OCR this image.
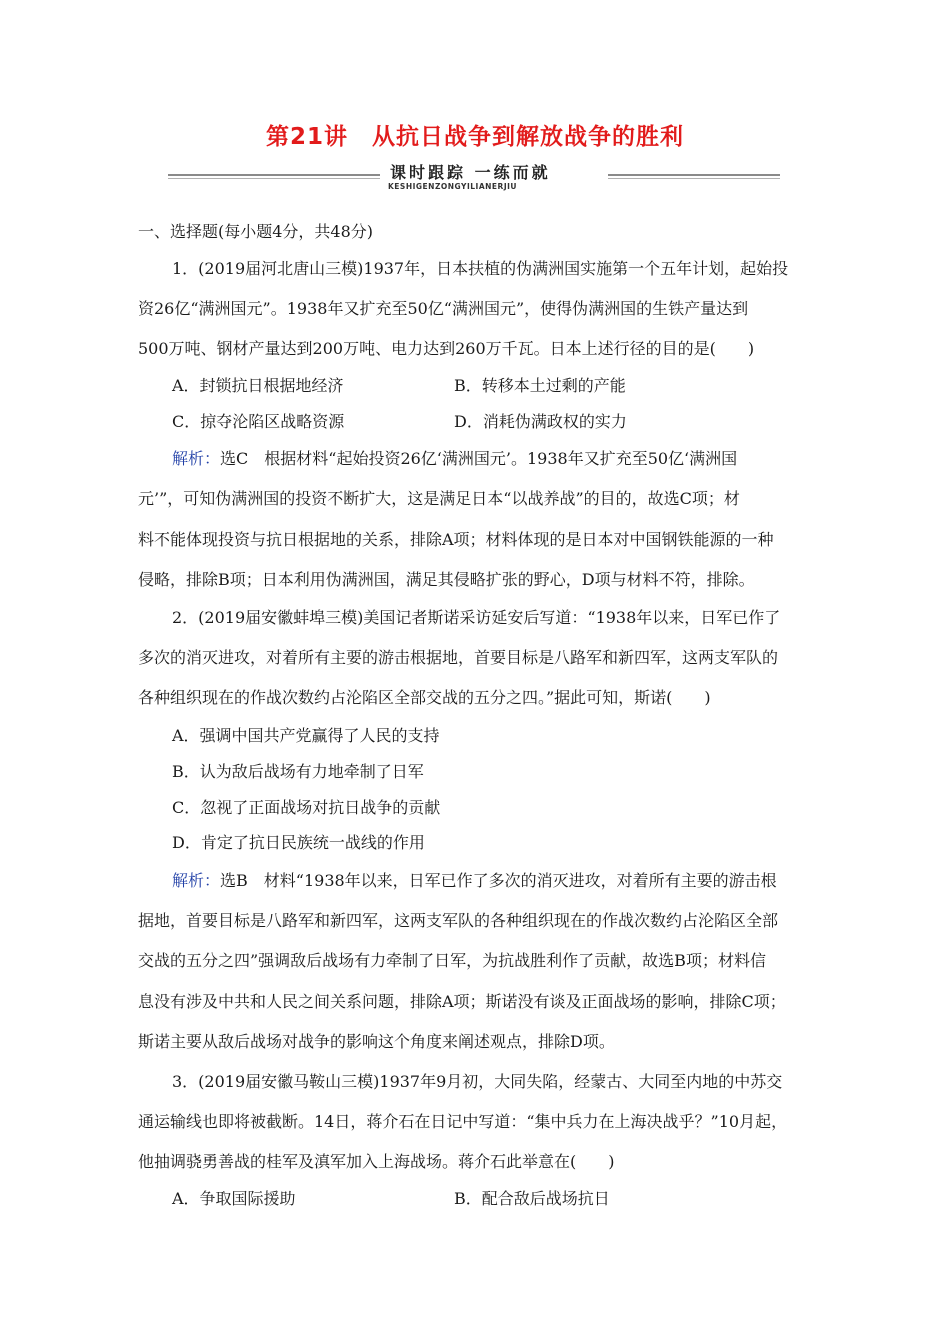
第21讲　从抗日战争到解放战争的胜利
课时跟踪 一练而就
KESHIGENZONGYILIANERJIU
一、选择题(每小题4分，共48分)
1．(2019届河北唐山三模)1937年，日本扶植的伪满洲国实施第一个五年计划，起始投
资26亿“满洲国元”。1938年又扩充至50亿“满洲国元”，使得伪满洲国的生铁产量达到
500万吨、钢材产量达到200万吨、电力达到260万千瓦。日本上述行径的目的是(　　)
A．封锁抗日根据地经济	B．转移本土过剩的产能
C．掠夺沦陷区战略资源	D．消耗伪满政权的实力
解析：选C　根据材料“起始投资26亿‘满洲国元’。1938年又扩充至50亿‘满洲国
元’”，可知伪满洲国的投资不断扩大，这是满足日本“以战养战”的目的，故选C项；材
料不能体现投资与抗日根据地的关系，排除A项；材料体现的是日本对中国钢铁能源的一种
侵略，排除B项；日本利用伪满洲国，满足其侵略扩张的野心，D项与材料不符，排除。
2．(2019届安徽蚌埠三模)美国记者斯诺采访延安后写道：“1938年以来，日军已作了
多次的消灭进攻，对着所有主要的游击根据地，首要目标是八路军和新四军，这两支军队的
各种组织现在的作战次数约占沦陷区全部交战的五分之四。”据此可知，斯诺(　　)
A．强调中国共产党赢得了人民的支持
B．认为敌后战场有力地牵制了日军
C．忽视了正面战场对抗日战争的贡献
D．肯定了抗日民族统一战线的作用
解析：选B　材料“1938年以来，日军已作了多次的消灭进攻，对着所有主要的游击根
据地，首要目标是八路军和新四军，这两支军队的各种组织现在的作战次数约占沦陷区全部
交战的五分之四”强调敌后战场有力牵制了日军，为抗战胜利作了贡献，故选B项；材料信
息没有涉及中共和人民之间关系问题，排除A项；斯诺没有谈及正面战场的影响，排除C项；
斯诺主要从敌后战场对战争的影响这个角度来阐述观点，排除D项。
3．(2019届安徽马鞍山三模)1937年9月初，大同失陷，经蒙古、大同至内地的中苏交
通运输线也即将被截断。14日，蒋介石在日记中写道：“集中兵力在上海决战乎？”10月起，
他抽调骁勇善战的桂军及滇军加入上海战场。蒋介石此举意在(　　)
A．争取国际援助	B．配合敌后战场抗日
